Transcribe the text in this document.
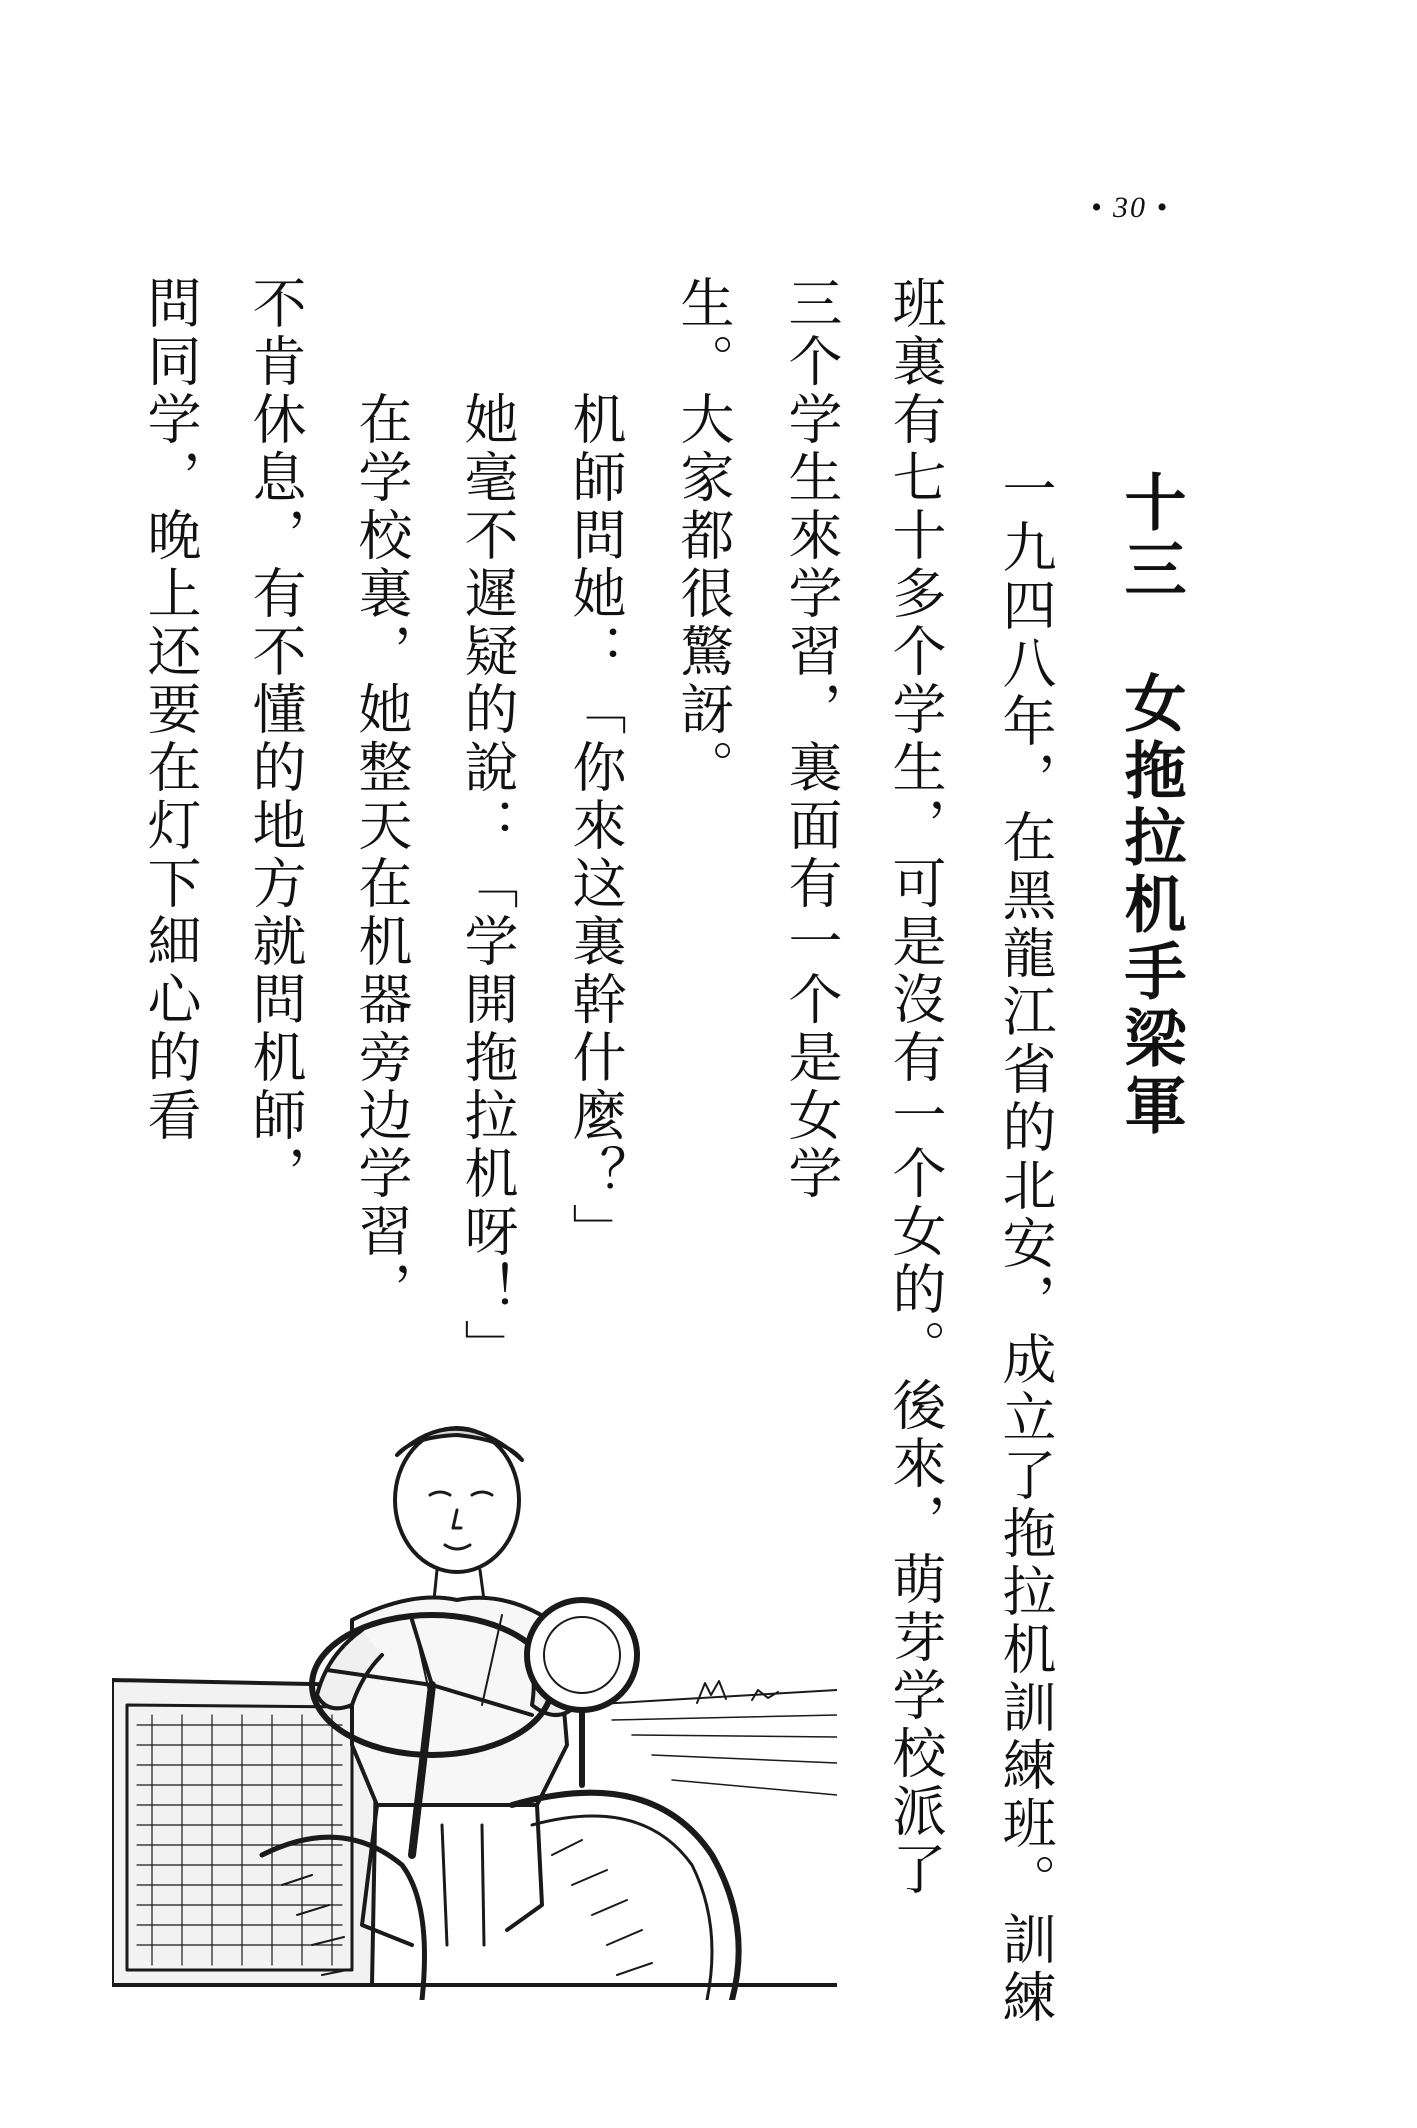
• 30 •
十三　女拖拉机手梁軍

　　一九四八年，在黑龍江省的北安，成立了拖拉机訓練班。訓練

班裏有七十多个学生，可是沒有一个女的。後來，萌芽学校派了

三个学生來学習，裏面有一个是女学

生。大家都很驚訝。

　　机師問她：「你來这裏幹什麼？」

　　她毫不遲疑的說：「学開拖拉机呀！」

　　在学校裏，她整天在机器旁边学習，

不肯休息，有不懂的地方就問机師，

問同学，晚上还要在灯下細心的看
